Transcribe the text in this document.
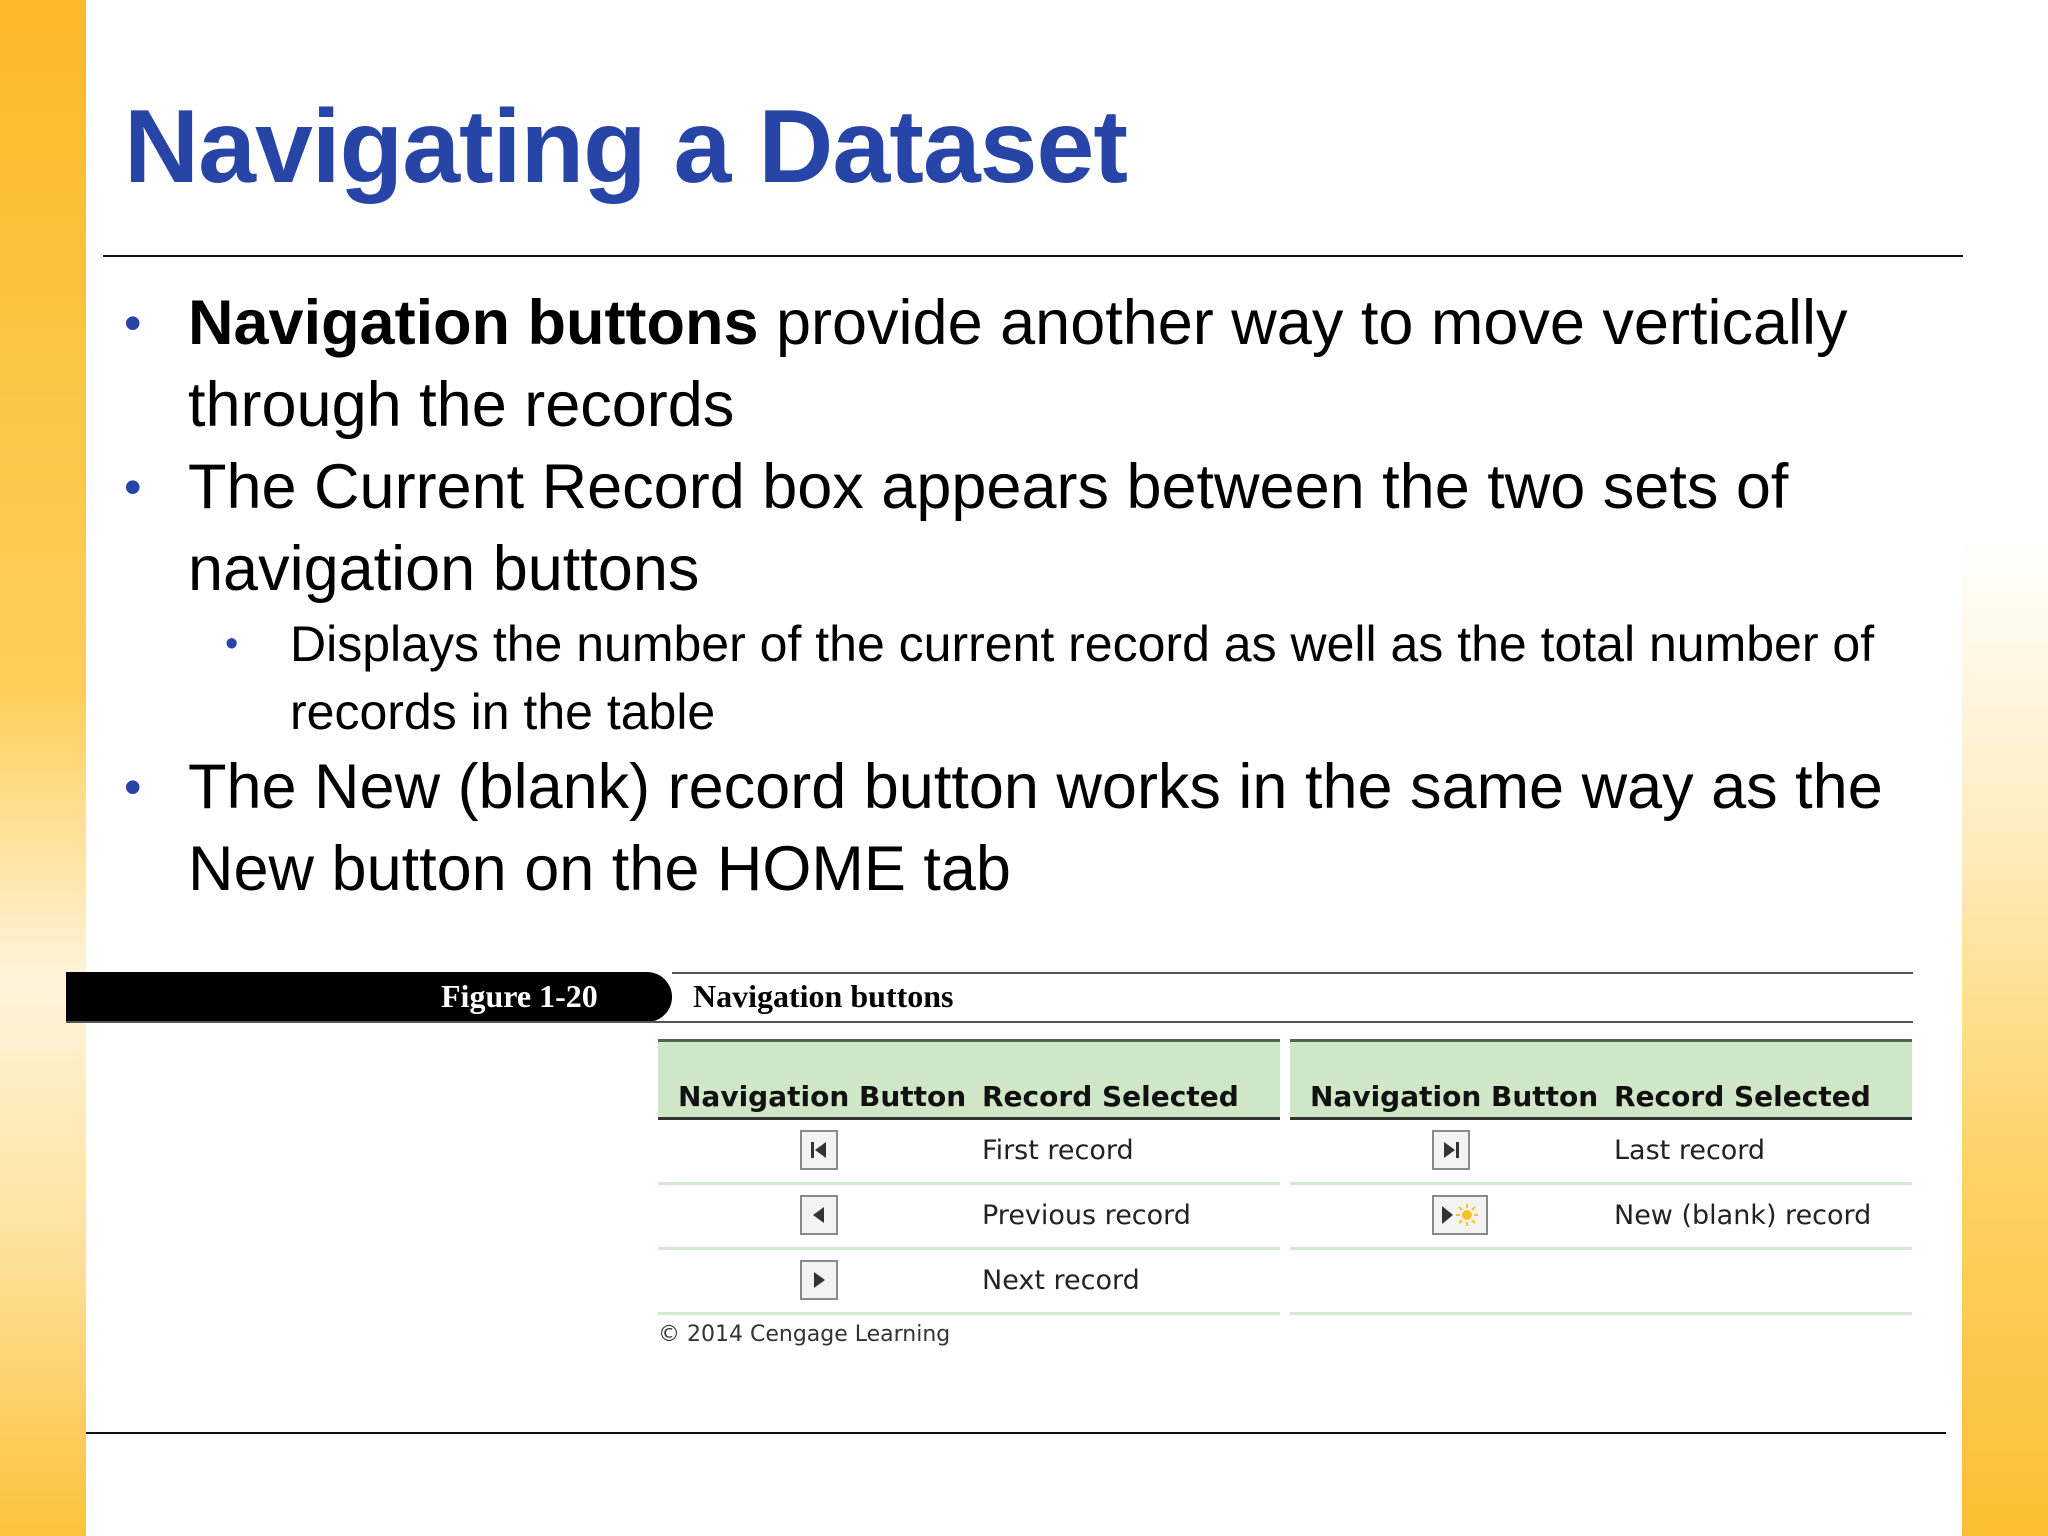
Navigating a Dataset
• Navigation buttons provide another way to move vertically through the records
• The Current Record box appears between the two sets of navigation buttons
• Displays the number of the current record as well as the total number of records in the table
• The New (blank) record button works in the same way as the New button on the HOME tab
Figure 1-20	Navigation buttons
Navigation Button Record Selected
First record
Previous record
Next record
Navigation Button Record Selected
Last record
New (blank) record
© 2014 Cengage Learning
